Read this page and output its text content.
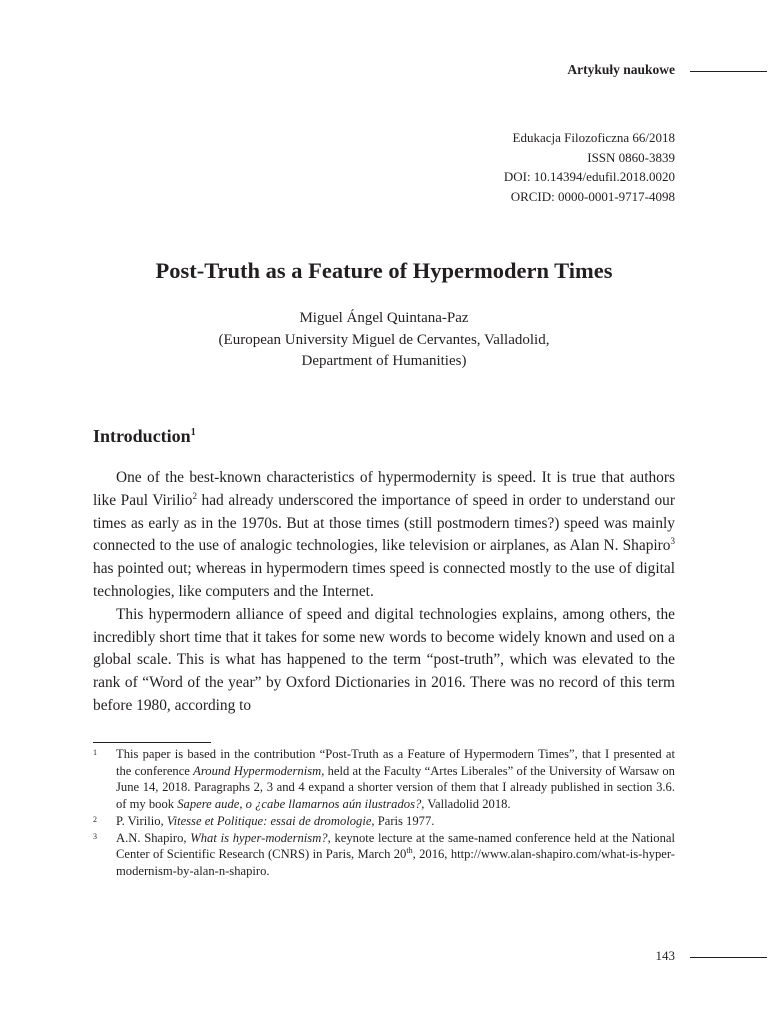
Artykuły naukowe
Edukacja Filozoficzna 66/2018
ISSN 0860-3839
DOI: 10.14394/edufil.2018.0020
ORCID: 0000-0001-9717-4098
Post-Truth as a Feature of Hypermodern Times
Miguel Ángel Quintana-Paz
(European University Miguel de Cervantes, Valladolid,
Department of Humanities)
Introduction$^1$

One of the best-known characteristics of hypermodernity is speed. It is true that authors like Paul Virilio$^2$ had already underscored the importance of speed in order to understand our times as early as in the 1970s. But at those times (still postmodern times?) speed was mainly connected to the use of analogic technologies, like television or airplanes, as Alan N. Shapiro$^3$ has pointed out; whereas in hypermodern times speed is connected mostly to the use of digital technologies, like computers and the Internet.

This hypermodern alliance of speed and digital technologies explains, among others, the incredibly short time that it takes for some new words to become widely known and used on a global scale. This is what has happened to the term “post-truth”, which was elevated to the rank of “Word of the year” by Oxford Dictionaries in 2016. There was no record of this term before 1980, according to

1	This paper is based in the contribution “Post-Truth as a Feature of Hypermodern Times”, that I presented at the conference Around Hypermodernism, held at the Faculty “Artes Liberales” of the University of Warsaw on June 14, 2018. Paragraphs 2, 3 and 4 expand a shorter version of them that I already published in section 3.6. of my book Sapere aude, o ¿cabe llamarnos aún ilustrados?, Valladolid 2018.
2	P. Virilio, Vitesse et Politique: essai de dromologie, Paris 1977.
3	A.N. Shapiro, What is hyper-modernism?, keynote lecture at the same-named conference held at the National Center of Scientific Research (CNRS) in Paris, March 20th, 2016, http://www.alan-shapiro.com/what-is-hyper-modernism-by-alan-n-shapiro.
143
